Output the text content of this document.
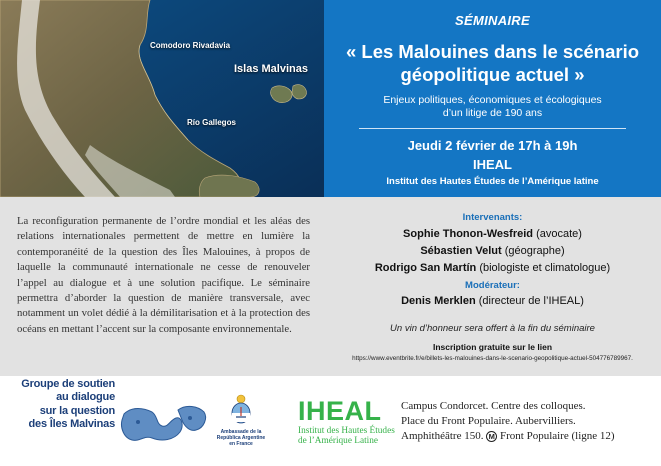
Comodoro Rivadavia
Islas Malvinas
Río Gallegos
SÉMINAIRE
« Les Malouines dans le scénario
géopolitique actuel »
Enjeux politiques, économiques et écologiques
d’un litige de 190 ans
Jeudi 2 février de 17h à 19h
IHEAL
Institut des Hautes Études de l’Amérique latine

La reconfiguration permanente de l’ordre mondial et les aléas des relations internationales permettent de mettre en lumière la contemporanéité de la question des Îles Malouines, à propos de laquelle la communauté internationale ne cesse de renouveler l’appel au dialogue et à une solution pacifique. Le séminaire permettra d’aborder la question de manière transversale, avec notamment un volet dédié à la démilitarisation et à la protection des océans en mettant l’accent sur la composante environnementale.

Intervenants:
Sophie Thonon-Wesfreid (avocate)
Sébastien Velut (géographe)
Rodrigo San Martín (biologiste et climatologue)
Modérateur:
Denis Merklen (directeur de l’IHEAL)
Un vin d’honneur sera offert à la fin du séminaire
Inscription gratuite sur le lien
https://www.eventbrite.fr/e/billets-les-malouines-dans-le-scenario-geopolitique-actuel-504776789967.
Groupe de soutien
au dialogue
sur la question
des Îles Malvinas
Ambassade de la
República Argentine
en France
IHEAL
Institut des Hautes Études
de l’Amérique Latine
Campus Condorcet. Centre des colloques.
Place du Front Populaire. Aubervilliers.
Amphithéâtre 150. M Front Populaire (ligne 12)
